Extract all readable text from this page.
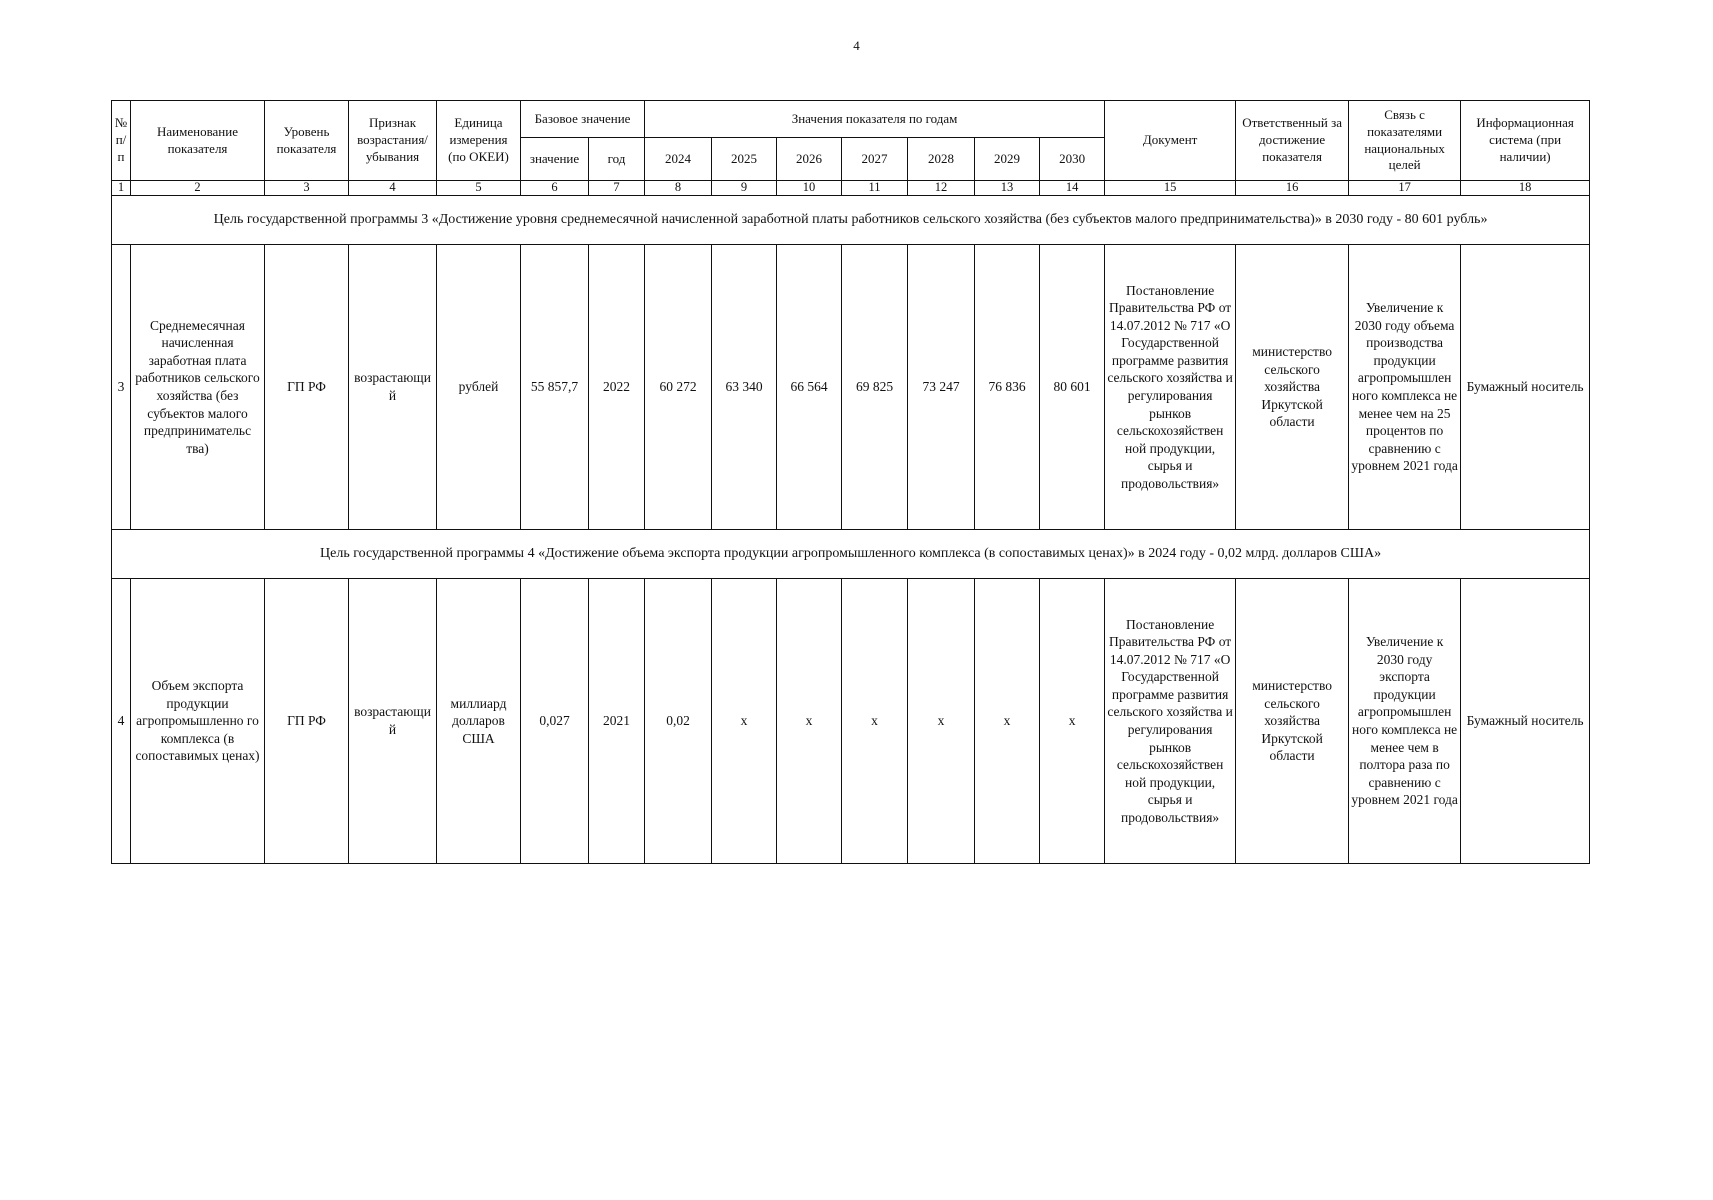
4
№ п/п	Наименование показателя	Уровень показателя	Признак возрастания/ убывания	Единица измерения (по ОКЕИ)	Базовое значение		Значения показателя по годам							Документ	Ответственный за достижение показателя	Связь с показателями национальных целей	Информационная система (при наличии)
					значение	год	2024	2025	2026	2027	2028	2029	2030				
1	2	3	4	5	6	7	8	9	10	11	12	13	14	15	16	17	18
Цель государственной программы 3 «Достижение уровня среднемесячной начисленной заработной платы работников сельского хозяйства (без субъектов малого предпринимательства)» в 2030 году - 80 601 рубль»																	
3	Среднемесячная начисленная заработная плата работников сельского хозяйства (без субъектов малого предпринимательс тва)	ГП РФ	возрастающи й	рублей	55 857,7	2022	60 272	63 340	66 564	69 825	73 247	76 836	80 601	Постановление Правительства РФ от 14.07.2012 № 717 «О Государственной программе развития сельского хозяйства и регулирования рынков сельскохозяйствен ной продукции, сырья и продовольствия»	министерство сельского хозяйства Иркутской области	Увеличение к 2030 году объема производства продукции агропромышлен ного комплекса не менее чем на 25 процентов по сравнению с уровнем 2021 года	Бумажный носитель
Цель государственной программы 4 «Достижение объема экспорта продукции агропромышленного комплекса (в сопоставимых ценах)» в 2024 году - 0,02 млрд. долларов США»																	
4	Объем экспорта продукции агропромышленно го комплекса (в сопоставимых ценах)	ГП РФ	возрастающи й	миллиард долларов США	0,027	2021	0,02	х	х	х	х	х	х	Постановление Правительства РФ от 14.07.2012 № 717 «О Государственной программе развития сельского хозяйства и регулирования рынков сельскохозяйствен ной продукции, сырья и продовольствия»	министерство сельского хозяйства Иркутской области	Увеличение к 2030 году экспорта продукции агропромышлен ного комплекса не менее чем в полтора раза по сравнению с уровнем 2021 года	Бумажный носитель
